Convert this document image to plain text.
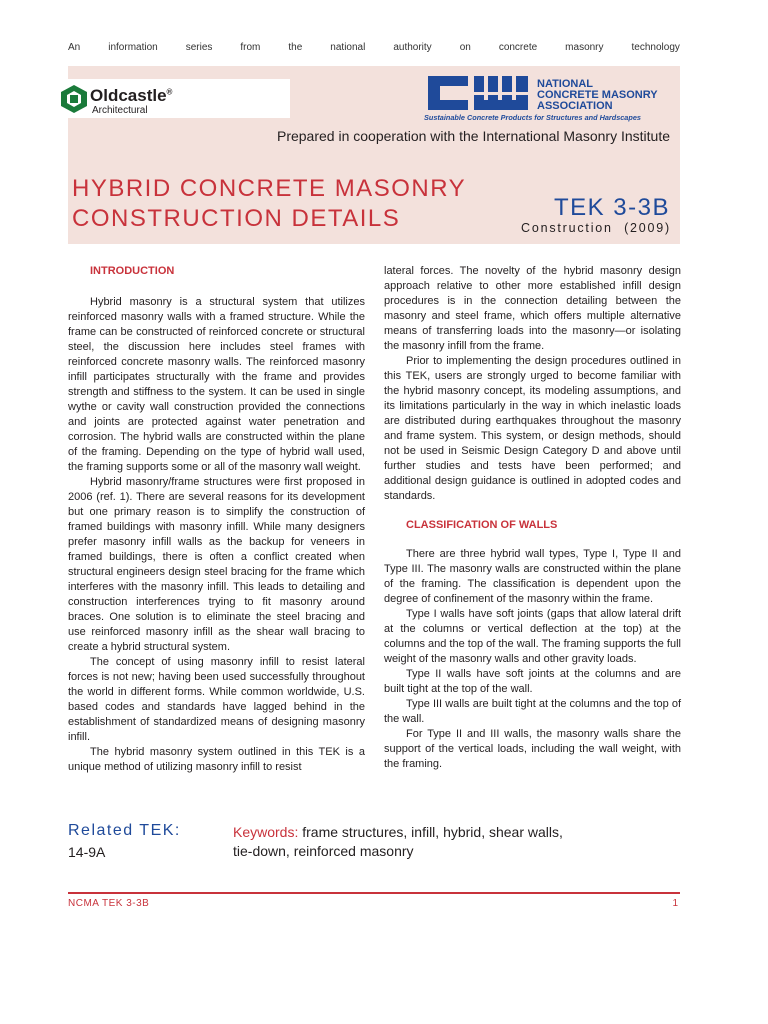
An	information	series	from	the	national	authority	on	concrete	masonry	technology
Oldcastle®
Architectural
NATIONAL
CONCRETE MASONRY
ASSOCIATION
Sustainable Concrete Products for Structures and Hardscapes
Prepared in cooperation with the International Masonry Institute
HYBRID CONCRETE MASONRY
CONSTRUCTION DETAILS	TEK 3-3B
Construction (2009)

INTRODUCTION

Hybrid masonry is a structural system that utilizes reinforced masonry walls with a framed structure. While the frame can be constructed of reinforced concrete or structural steel, the discussion here includes steel frames with reinforced concrete masonry walls. The reinforced masonry infill participates structurally with the frame and provides strength and stiffness to the system. It can be used in single wythe or cavity wall construction provided the connections and joints are protected against water penetration and corrosion. The hybrid walls are constructed within the plane of the framing. Depending on the type of hybrid wall used, the framing supports some or all of the masonry wall weight.

Hybrid masonry/frame structures were first proposed in 2006 (ref. 1). There are several reasons for its development but one primary reason is to simplify the construction of framed buildings with masonry infill. While many designers prefer masonry infill walls as the backup for veneers in framed buildings, there is often a conflict created when structural engineers design steel bracing for the frame which interferes with the masonry infill. This leads to detailing and construction interferences trying to fit masonry around braces. One solution is to eliminate the steel bracing and use reinforced masonry infill as the shear wall bracing to create a hybrid structural system.

The concept of using masonry infill to resist lateral forces is not new; having been used successfully throughout the world in different forms. While common worldwide, U.S. based codes and standards have lagged behind in the establishment of standardized means of designing masonry infill.

The hybrid masonry system outlined in this TEK is a unique method of utilizing masonry infill to resist

lateral forces. The novelty of the hybrid masonry design approach relative to other more established infill design procedures is in the connection detailing between the masonry and steel frame, which offers multiple alternative means of transferring loads into the masonry—or isolating the masonry infill from the frame.

Prior to implementing the design procedures outlined in this TEK, users are strongly urged to become familiar with the hybrid masonry concept, its modeling assumptions, and its limitations particularly in the way in which inelastic loads are distributed during earthquakes throughout the masonry and frame system. This system, or design methods, should not be used in Seismic Design Category D and above until further studies and tests have been performed; and additional design guidance is outlined in adopted codes and standards.

CLASSIFICATION OF WALLS

There are three hybrid wall types, Type I, Type II and Type III. The masonry walls are constructed within the plane of the framing. The classification is dependent upon the degree of confinement of the masonry within the frame.

Type I walls have soft joints (gaps that allow lateral drift at the columns or vertical deflection at the top) at the columns and the top of the wall. The framing supports the full weight of the masonry walls and other gravity loads.

Type II walls have soft joints at the columns and are built tight at the top of the wall.

Type III walls are built tight at the columns and the top of the wall.

For Type II and III walls, the masonry walls share the support of the vertical loads, including the wall weight, with the framing.

Related TEK:
14-9A
Keywords: frame structures, infill, hybrid, shear walls, tie-down, reinforced masonry
NCMA TEK 3-3B	1
